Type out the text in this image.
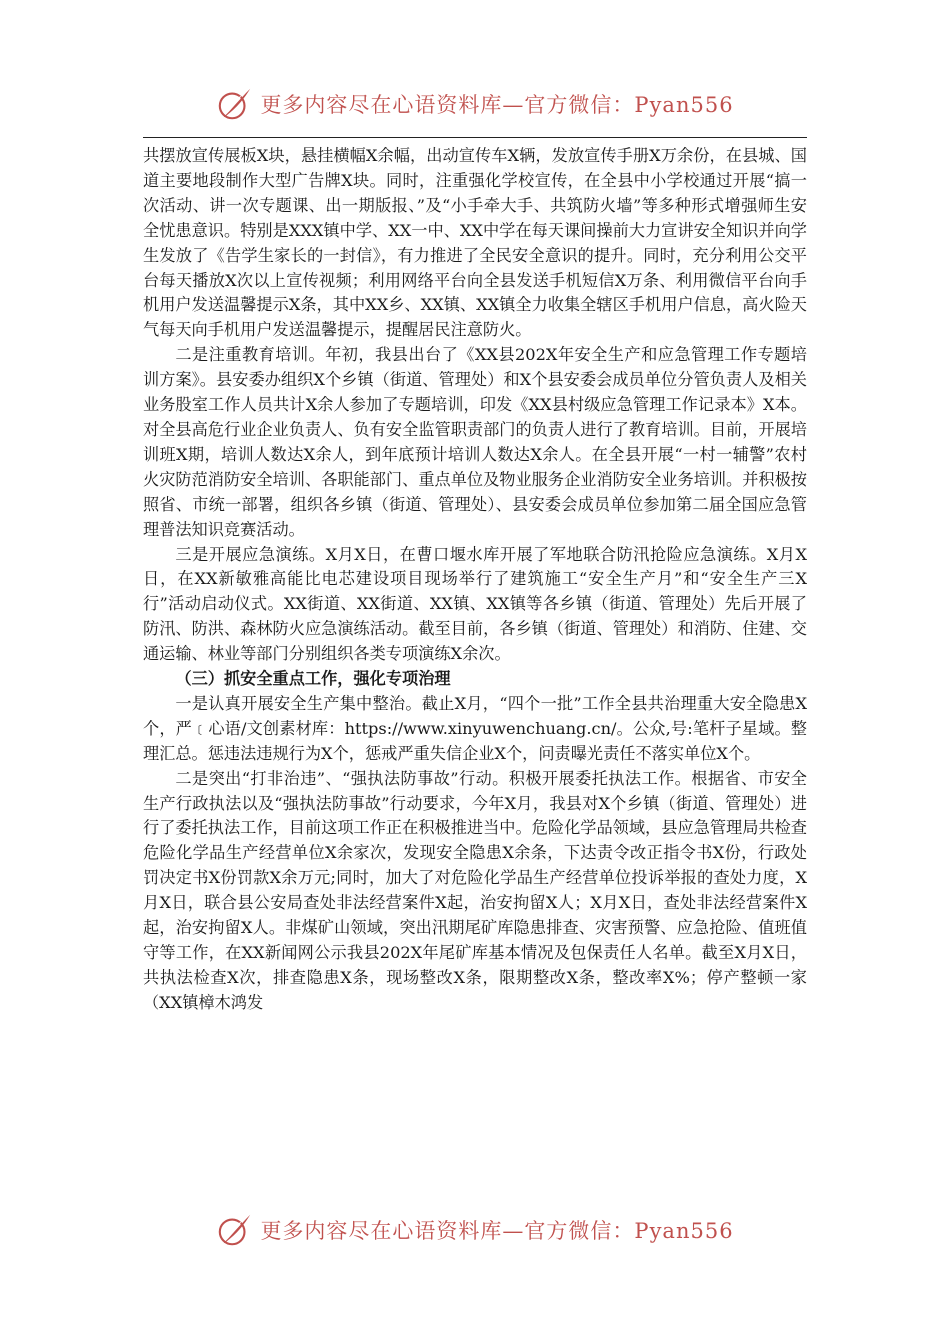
更多内容尽在心语资料库—官方微信：Pyan556

共摆放宣传展板X块，悬挂横幅X余幅，出动宣传车X辆，发放宣传手册X万余份，在县城、国道主要地段制作大型广告牌X块。同时，注重强化学校宣传，在全县中小学校通过开展“搞一次活动、讲一次专题课、出一期版报、”及“小手牵大手、共筑防火墙”等多种形式增强师生安全忧患意识。特别是XXX镇中学、XX一中、XX中学在每天课间操前大力宣讲安全知识并向学生发放了《告学生家长的一封信》，有力推进了全民安全意识的提升。同时，充分利用公交平台每天播放X次以上宣传视频；利用网络平台向全县发送手机短信X万条、利用微信平台向手机用户发送温馨提示X条，其中XX乡、XX镇、XX镇全力收集全辖区手机用户信息，高火险天气每天向手机用户发送温馨提示，提醒居民注意防火。

二是注重教育培训。年初，我县出台了《XX县202X年安全生产和应急管理工作专题培训方案》。县安委办组织X个乡镇（街道、管理处）和X个县安委会成员单位分管负责人及相关业务股室工作人员共计X余人参加了专题培训，印发《XX县村级应急管理工作记录本》X本。对全县高危行业企业负责人、负有安全监管职责部门的负责人进行了教育培训。目前，开展培训班X期，培训人数达X余人，到年底预计培训人数达X余人。在全县开展“一村一辅警”农村火灾防范消防安全培训、各职能部门、重点单位及物业服务企业消防安全业务培训。并积极按照省、市统一部署，组织各乡镇（街道、管理处）、县安委会成员单位参加第二届全国应急管理普法知识竞赛活动。

三是开展应急演练。X月X日，在曹口堰水库开展了军地联合防汛抢险应急演练。X月X日，在XX新敏雅高能比电芯建设项目现场举行了建筑施工“安全生产月”和“安全生产三X行”活动启动仪式。XX街道、XX街道、XX镇、XX镇等各乡镇（街道、管理处）先后开展了防汛、防洪、森林防火应急演练活动。截至目前，各乡镇（街道、管理处）和消防、住建、交通运输、林业等部门分别组织各类专项演练X余次。

（三）抓安全重点工作，强化专项治理

一是认真开展安全生产集中整治。截止X月，“四个一批”工作全县共治理重大安全隐患X个，严﹝心语/文创素材库：https://www.xinyuwenchuang.cn/。公众,号:笔杆子星域。整理汇总。惩违法违规行为X个，惩戒严重失信企业X个，问责曝光责任不落实单位X个。

二是突出“打非治违”、“强执法防事故”行动。积极开展委托执法工作。根据省、市安全生产行政执法以及“强执法防事故”行动要求，今年X月，我县对X个乡镇（街道、管理处）进行了委托执法工作，目前这项工作正在积极推进当中。危险化学品领域，县应急管理局共检查危险化学品生产经营单位X余家次，发现安全隐患X余条，下达责令改正指令书X份，行政处罚决定书X份罚款X余万元;同时，加大了对危险化学品生产经营单位投诉举报的查处力度，X月X日，联合县公安局查处非法经营案件X起，治安拘留X人；X月X日，查处非法经营案件X起，治安拘留X人。非煤矿山领域，突出汛期尾矿库隐患排查、灾害预警、应急抢险、值班值守等工作，在XX新闻网公示我县202X年尾矿库基本情况及包保责任人名单。截至X月X日，共执法检查X次，排查隐患X条，现场整改X条，限期整改X条，整改率X%；停产整顿一家（XX镇樟木鸿发

更多内容尽在心语资料库—官方微信：Pyan556
